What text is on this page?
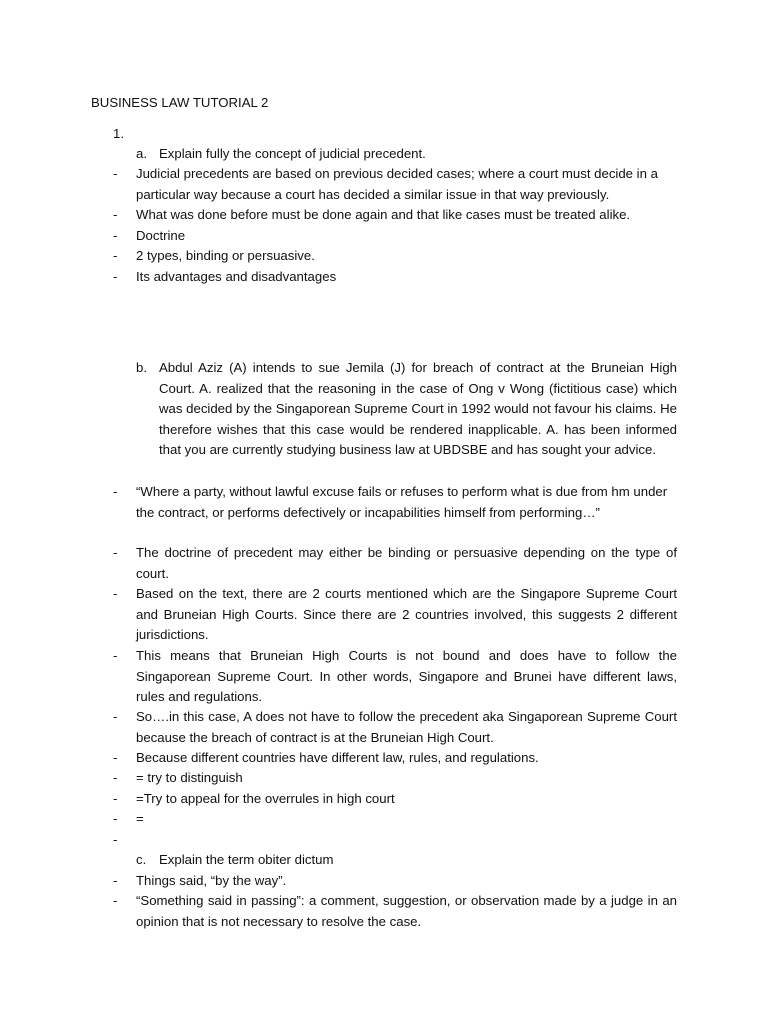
BUSINESS LAW TUTORIAL 2
1.
a. Explain fully the concept of judicial precedent.
- Judicial precedents are based on previous decided cases; where a court must decide in a particular way because a court has decided a similar issue in that way previously.
- What was done before must be done again and that like cases must be treated alike.
- Doctrine
- 2 types, binding or persuasive.
- Its advantages and disadvantages
b. Abdul Aziz (A) intends to sue Jemila (J) for breach of contract at the Bruneian High Court. A. realized that the reasoning in the case of Ong v Wong (fictitious case) which was decided by the Singaporean Supreme Court in 1992 would not favour his claims. He therefore wishes that this case would be rendered inapplicable. A. has been informed that you are currently studying business law at UBDSBE and has sought your advice.
- “Where a party, without lawful excuse fails or refuses to perform what is due from hm under the contract, or performs defectively or incapabilities himself from performing…”
- The doctrine of precedent may either be binding or persuasive depending on the type of court.
- Based on the text, there are 2 courts mentioned which are the Singapore Supreme Court and Bruneian High Courts. Since there are 2 countries involved, this suggests 2 different jurisdictions.
- This means that Bruneian High Courts is not bound and does have to follow the Singaporean Supreme Court. In other words, Singapore and Brunei have different laws, rules and regulations.
- So….in this case, A does not have to follow the precedent aka Singaporean Supreme Court because the breach of contract is at the Bruneian High Court.
- Because different countries have different law, rules, and regulations.
- = try to distinguish
- =Try to appeal for the overrules in high court
- =
-
c. Explain the term obiter dictum
- Things said, “by the way”.
- “Something said in passing”: a comment, suggestion, or observation made by a judge in an opinion that is not necessary to resolve the case.
